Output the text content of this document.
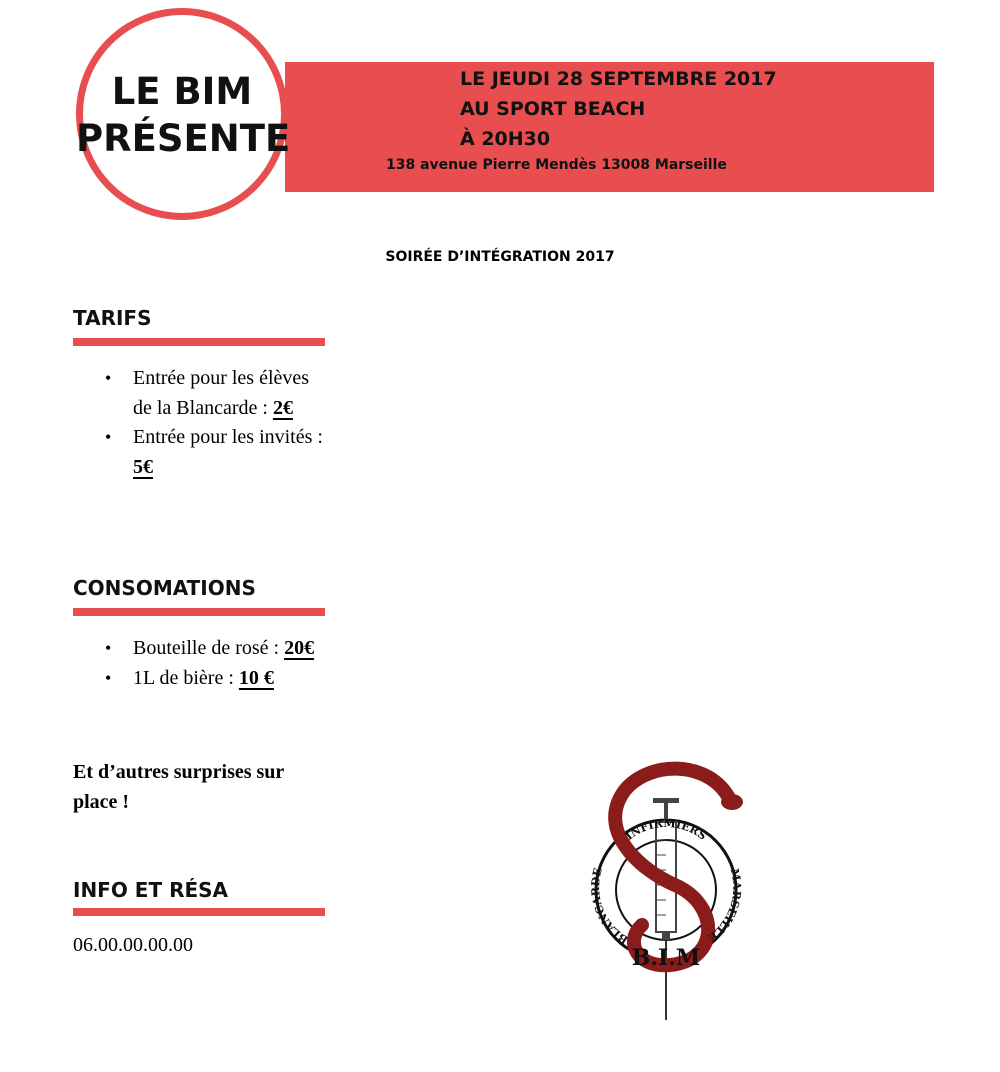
LE JEUDI 28 SEPTEMBRE 2017
AU SPORT BEACH
À 20H30
138 avenue Pierre Mendès 13008 Marseille
LE BIM
PRÉSENTE
SOIRÉE D’INTÉGRATION 2017
TARIFS
• Entrée pour les élèves de la Blancarde : 2€
• Entrée pour les invités : 5€
CONSOMATIONS
• Bouteille de rosé : 20€
• 1L de bière : 10 €
Et d’autres surprises sur place !
INFO ET RÉSA
06.00.00.00.00
INFIRMIERS
BLANCARDE	MARSEILLE
B.I.M
